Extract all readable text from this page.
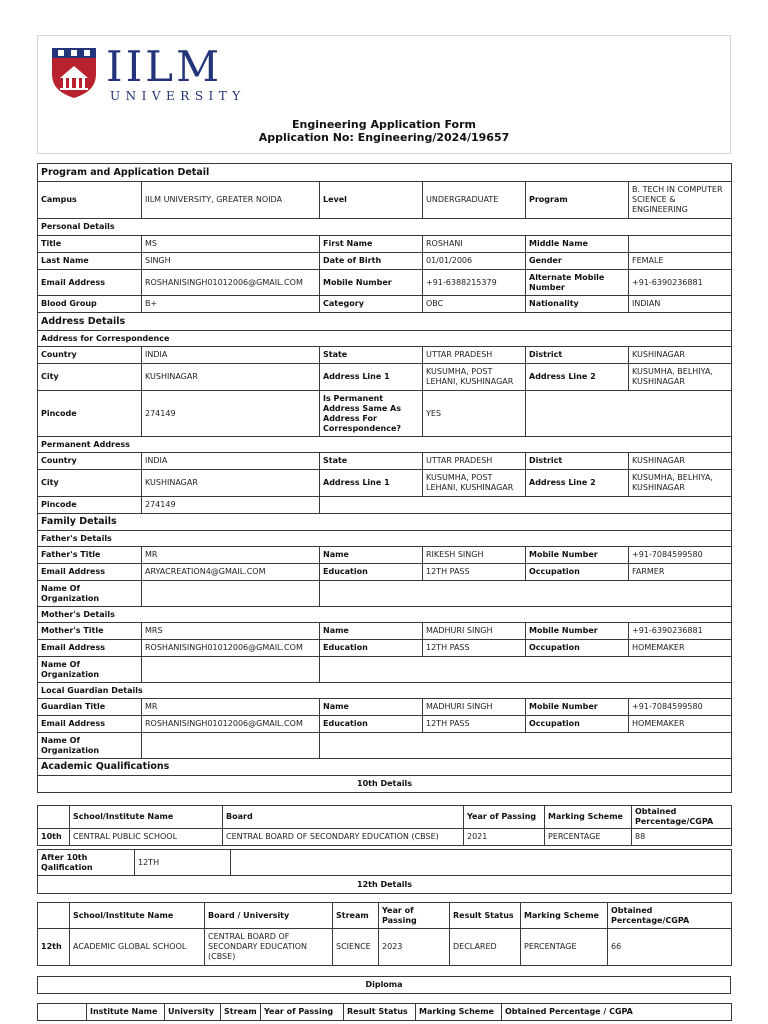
IILM
UNIVERSITY
Engineering Application Form
Application No: Engineering/2024/19657
Program and Application Detail					
Campus	IILM UNIVERSITY, GREATER NOIDA	Level	UNDERGRADUATE	Program	B. TECH IN COMPUTER SCIENCE & ENGINEERING
Personal Details					
Title	MS	First Name	ROSHANI	Middle Name	
Last Name	SINGH	Date of Birth	01/01/2006	Gender	FEMALE
Email Address	ROSHANISINGH01012006@GMAIL.COM	Mobile Number	+91-6388215379	Alternate Mobile Number	+91-6390236881
Blood Group	B+	Category	OBC	Nationality	INDIAN
Address Details					
Address for Correspondence					
Country	INDIA	State	UTTAR PRADESH	District	KUSHINAGAR
City	KUSHINAGAR	Address Line 1	KUSUMHA, POST LEHANI, KUSHINAGAR	Address Line 2	KUSUMHA, BELHIYA, KUSHINAGAR
Pincode	274149	Is Permanent Address Same As Address For Correspondence?	YES		
Permanent Address					
Country	INDIA	State	UTTAR PRADESH	District	KUSHINAGAR
City	KUSHINAGAR	Address Line 1	KUSUMHA, POST LEHANI, KUSHINAGAR	Address Line 2	KUSUMHA, BELHIYA, KUSHINAGAR
Pincode	274149				
Family Details					
Father's Details					
Father's Title	MR	Name	RIKESH SINGH	Mobile Number	+91-7084599580
Email Address	ARYACREATION4@GMAIL.COM	Education	12TH PASS	Occupation	FARMER
Name Of Organization					
Mother's Details					
Mother's Title	MRS	Name	MADHURI SINGH	Mobile Number	+91-6390236881
Email Address	ROSHANISINGH01012006@GMAIL.COM	Education	12TH PASS	Occupation	HOMEMAKER
Name Of Organization					
Local Guardian Details					
Guardian Title	MR	Name	MADHURI SINGH	Mobile Number	+91-7084599580
Email Address	ROSHANISINGH01012006@GMAIL.COM	Education	12TH PASS	Occupation	HOMEMAKER
Name Of Organization					
Academic Qualifications					
10th Details					
	School/Institute Name	Board	Year of Passing	Marking Scheme	Obtained Percentage/CGPA
10th	CENTRAL PUBLIC SCHOOL	CENTRAL BOARD OF SECONDARY EDUCATION (CBSE)	2021	PERCENTAGE	88
After 10th Qalification	12TH	
12th Details
	School/Institute Name	Board / University	Stream	Year of Passing	Result Status	Marking Scheme	Obtained Percentage/CGPA
12th	ACADEMIC GLOBAL SCHOOL	CENTRAL BOARD OF SECONDARY EDUCATION (CBSE)	SCIENCE	2023	DECLARED	PERCENTAGE	66
Diploma
	Institute Name	University	Stream	Year of Passing	Result Status	Marking Scheme	Obtained Percentage / CGPA
